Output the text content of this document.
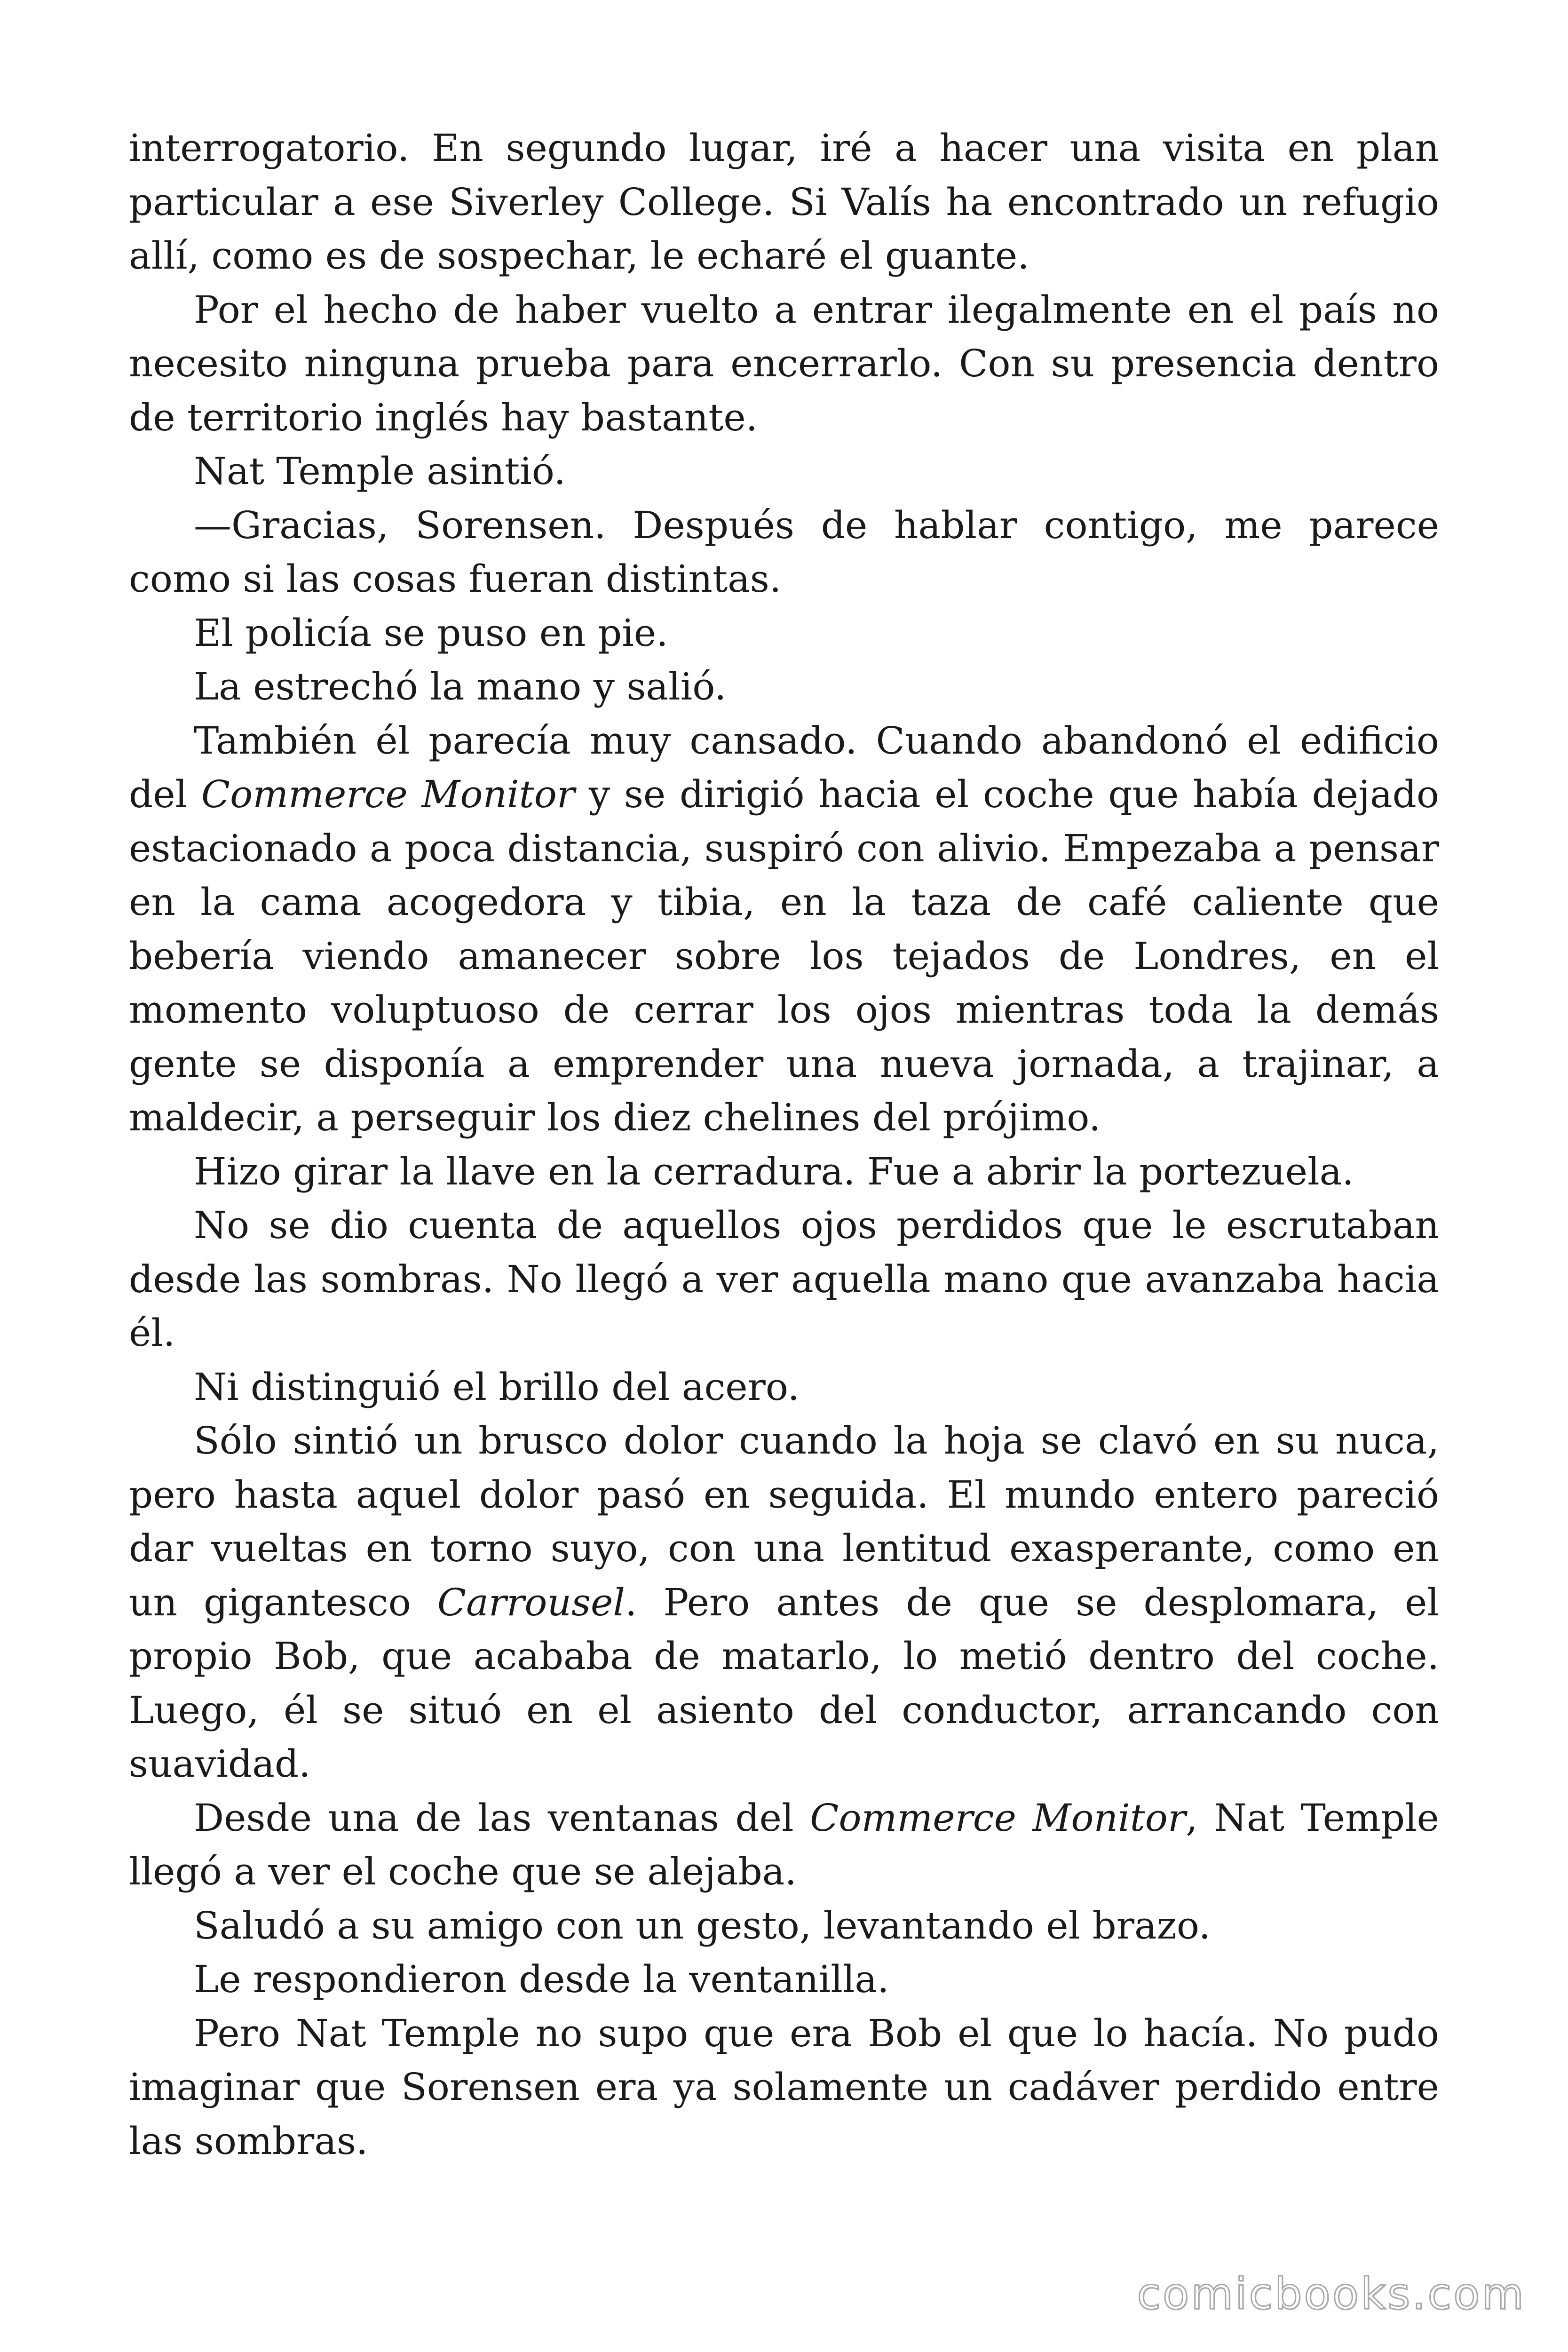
interrogatorio. En segundo lugar, iré a hacer una visita en plan particular a ese Siverley College. Si Valís ha encontrado un refugio allí, como es de sospechar, le echaré el guante.

Por el hecho de haber vuelto a entrar ilegalmente en el país no necesito ninguna prueba para encerrarlo. Con su presencia dentro de territorio inglés hay bastante.

Nat Temple asintió.

—Gracias, Sorensen. Después de hablar contigo, me parece como si las cosas fueran distintas.

El policía se puso en pie.

La estrechó la mano y salió.

También él parecía muy cansado. Cuando abandonó el edificio del Commerce Monitor y se dirigió hacia el coche que había dejado estacionado a poca distancia, suspiró con alivio. Empezaba a pensar en la cama acogedora y tibia, en la taza de café caliente que bebería viendo amanecer sobre los tejados de Londres, en el momento voluptuoso de cerrar los ojos mientras toda la demás gente se disponía a emprender una nueva jornada, a trajinar, a maldecir, a perseguir los diez chelines del prójimo.

Hizo girar la llave en la cerradura. Fue a abrir la portezuela.

No se dio cuenta de aquellos ojos perdidos que le escrutaban desde las sombras. No llegó a ver aquella mano que avanzaba hacia él.

Ni distinguió el brillo del acero.

Sólo sintió un brusco dolor cuando la hoja se clavó en su nuca, pero hasta aquel dolor pasó en seguida. El mundo entero pareció dar vueltas en torno suyo, con una lentitud exasperante, como en un gigantesco Carrousel. Pero antes de que se desplomara, el propio Bob, que acababa de matarlo, lo metió dentro del coche. Luego, él se situó en el asiento del conductor, arrancando con suavidad.

Desde una de las ventanas del Commerce Monitor, Nat Temple llegó a ver el coche que se alejaba.

Saludó a su amigo con un gesto, levantando el brazo.

Le respondieron desde la ventanilla.

Pero Nat Temple no supo que era Bob el que lo hacía. No pudo imaginar que Sorensen era ya solamente un cadáver perdido entre las sombras.

comicbooks.com
